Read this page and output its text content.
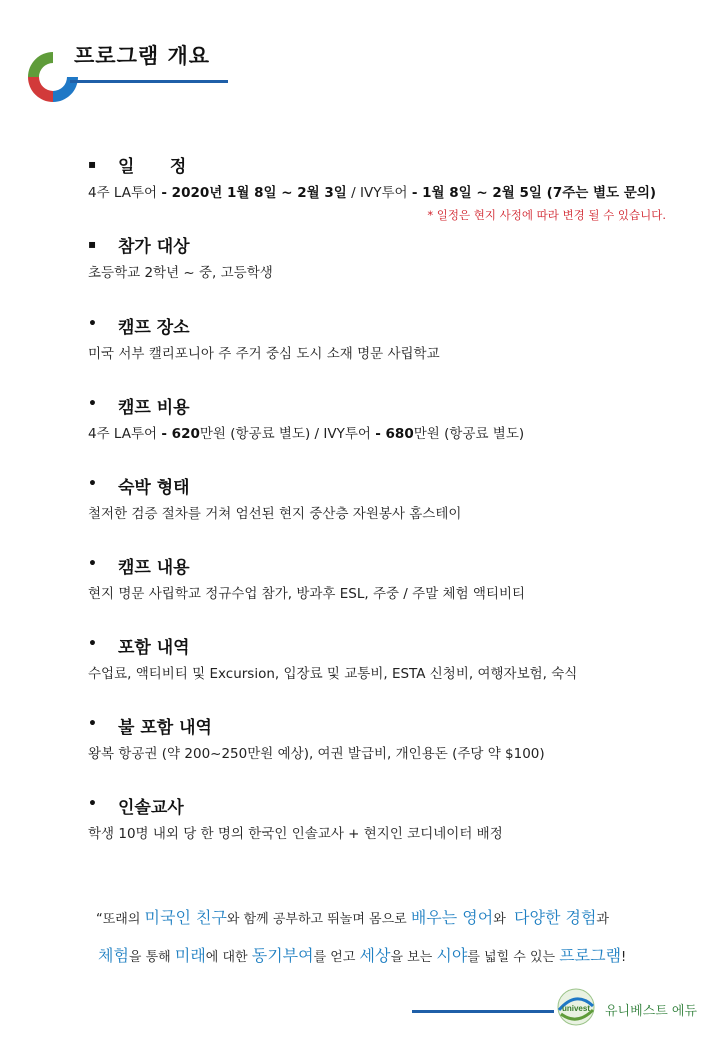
프로그램 개요
▪ 일      정
4주 LA투어 - 2020년 1월 8일 ~ 2월 3일 / IVY투어 - 1월 8일 ~ 2월 5일 (7주는 별도 문의)
* 일정은 현지 사정에 따라 변경 될 수 있습니다.
▪ 참가 대상
초등학교 2학년 ~ 중, 고등학생
• 캠프 장소
미국 서부 캘리포니아 주 주거 중심 도시 소재 명문 사립학교
• 캠프 비용
4주 LA투어 - 620만원 (항공료 별도) / IVY투어 - 680만원 (항공료 별도)
• 숙박 형태
철저한 검증 절차를 거쳐 엄선된 현지 중산층 자원봉사 홈스테이
• 캠프 내용
현지 명문 사립학교 정규수업 참가, 방과후 ESL, 주중 / 주말 체험 액티비티
• 포함 내역
수업료, 액티비티 및 Excursion, 입장료 및 교통비, ESTA 신청비, 여행자보험, 숙식
• 불 포함 내역
왕복 항공권 (약 200~250만원 예상), 여권 발급비, 개인용돈 (주당 약 $100)
• 인솔교사
학생 10명 내외 당 한 명의 한국인 인솔교사 + 현지인 코디네이터 배정
“또래의 미국인 친구와 함께 공부하고 뛰놀며 몸으로 배우는 영어와  다양한 경험과
체험을 통해 미래에 대한 동기부여를 얻고 세상을 보는 시야를 넓힐 수 있는 프로그램!
univest 유니베스트 에듀
